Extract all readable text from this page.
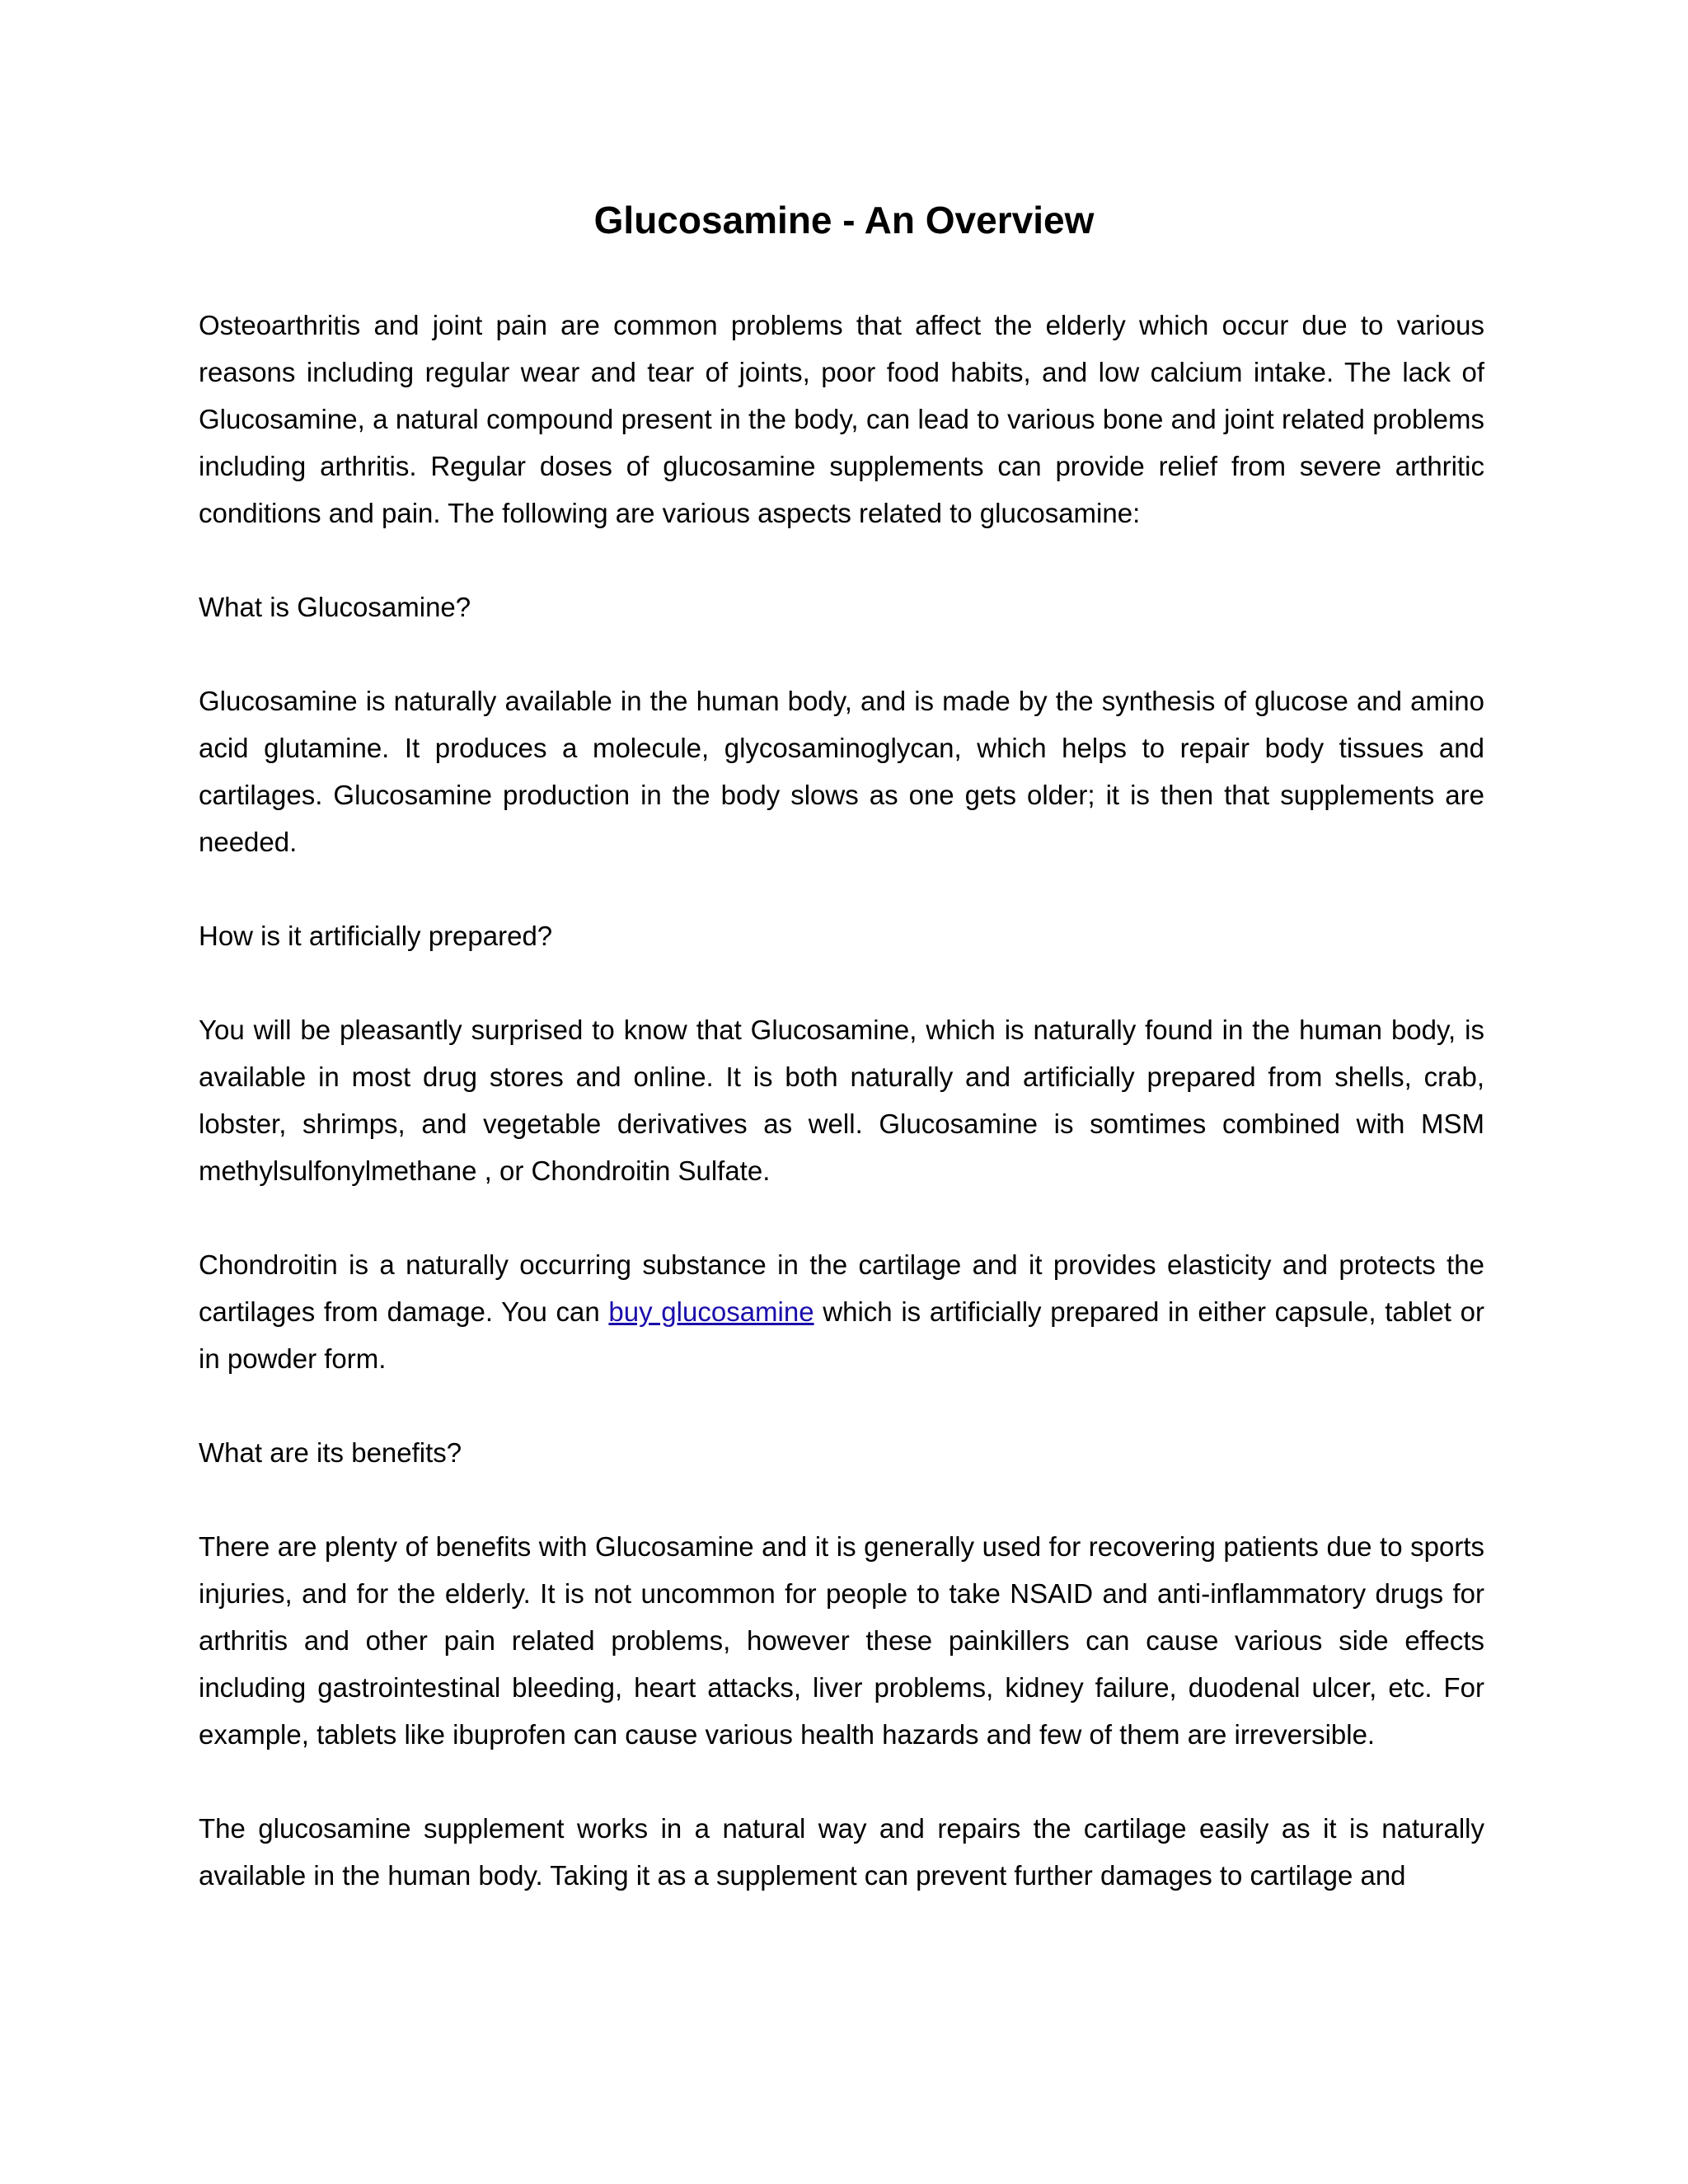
Glucosamine - An Overview

Osteoarthritis and joint pain are common problems that affect the elderly which occur due to various reasons including regular wear and tear of joints, poor food habits, and low calcium intake. The lack of Glucosamine, a natural compound present in the body, can lead to various bone and joint related problems including arthritis. Regular doses of glucosamine supplements can provide relief from severe arthritic conditions and pain. The following are various aspects related to glucosamine:

What is Glucosamine?

Glucosamine is naturally available in the human body, and is made by the synthesis of glucose and amino acid glutamine. It produces a molecule, glycosaminoglycan, which helps to repair body tissues and cartilages. Glucosamine production in the body slows as one gets older; it is then that supplements are needed.

How is it artificially prepared?

You will be pleasantly surprised to know that Glucosamine, which is naturally found in the human body, is available in most drug stores and online. It is both naturally and artificially prepared from shells, crab, lobster, shrimps, and vegetable derivatives as well. Glucosamine is somtimes combined with MSM methylsulfonylmethane , or Chondroitin Sulfate.

Chondroitin is a naturally occurring substance in the cartilage and it provides elasticity and protects the cartilages from damage. You can buy glucosamine which is artificially prepared in either capsule, tablet or in powder form.

What are its benefits?

There are plenty of benefits with Glucosamine and it is generally used for recovering patients due to sports injuries, and for the elderly. It is not uncommon for people to take NSAID and anti-inflammatory drugs for arthritis and other pain related problems, however these painkillers can cause various side effects including gastrointestinal bleeding, heart attacks, liver problems, kidney failure, duodenal ulcer, etc. For example, tablets like ibuprofen can cause various health hazards and few of them are irreversible.

The glucosamine supplement works in a natural way and repairs the cartilage easily as it is naturally available in the human body. Taking it as a supplement can prevent further damages to cartilage and
